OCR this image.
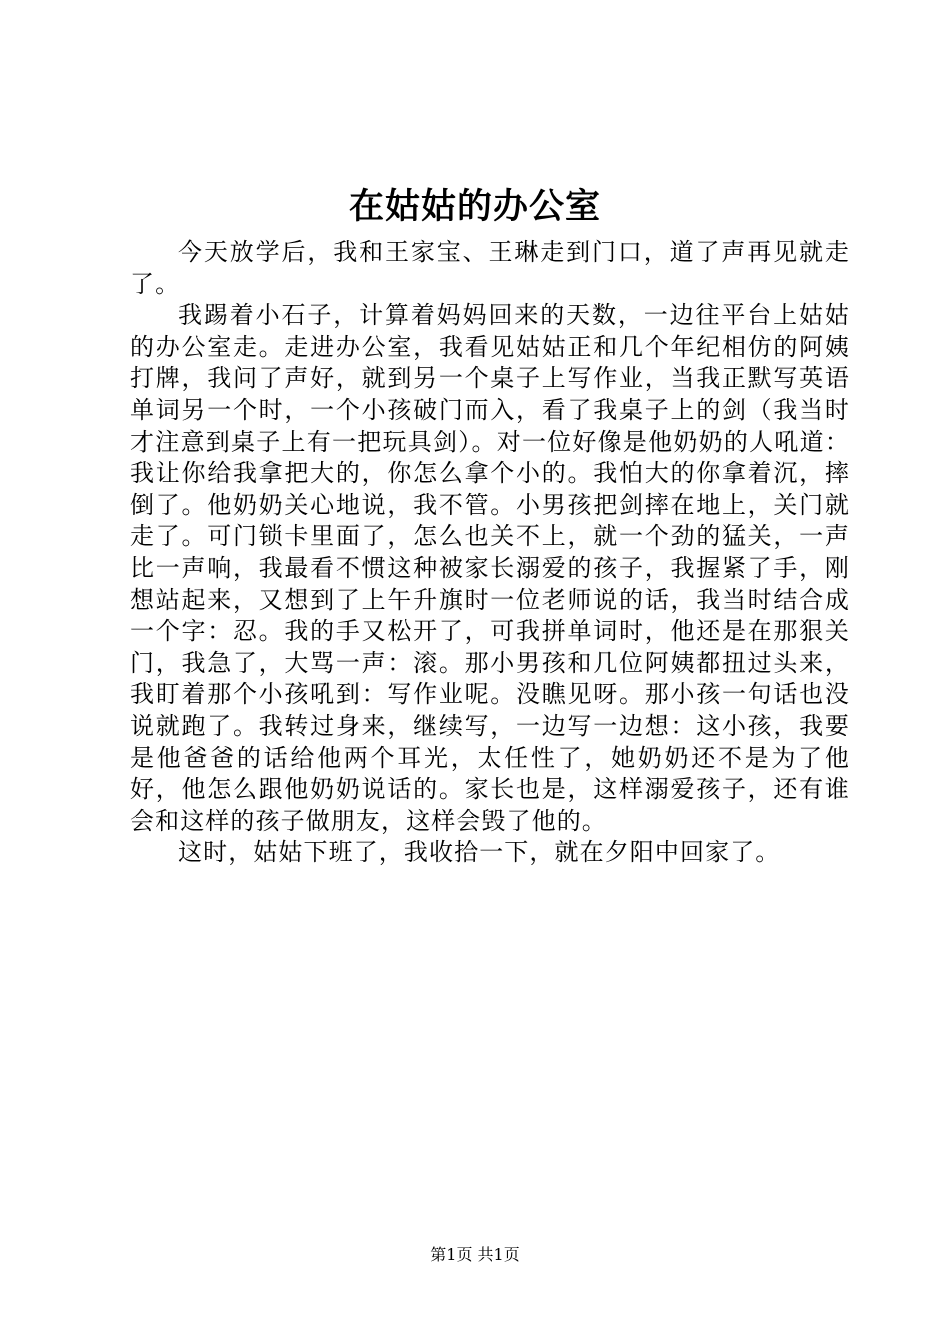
在姑姑的办公室

今天放学后，我和王家宝、王琳走到门口，道了声再见就走了。

我踢着小石子，计算着妈妈回来的天数，一边往平台上姑姑的办公室走。走进办公室，我看见姑姑正和几个年纪相仿的阿姨打牌，我问了声好，就到另一个桌子上写作业，当我正默写英语单词另一个时，一个小孩破门而入，看了我桌子上的剑（我当时才注意到桌子上有一把玩具剑）。对一位好像是他奶奶的人吼道：我让你给我拿把大的，你怎么拿个小的。我怕大的你拿着沉，摔倒了。他奶奶关心地说，我不管。小男孩把剑摔在地上，关门就走了。可门锁卡里面了，怎么也关不上，就一个劲的猛关，一声比一声响，我最看不惯这种被家长溺爱的孩子，我握紧了手，刚想站起来，又想到了上午升旗时一位老师说的话，我当时结合成一个字：忍。我的手又松开了，可我拼单词时，他还是在那狠关门，我急了，大骂一声：滚。那小男孩和几位阿姨都扭过头来，我盯着那个小孩吼到：写作业呢。没瞧见呀。那小孩一句话也没说就跑了。我转过身来，继续写，一边写一边想：这小孩，我要是他爸爸的话给他两个耳光，太任性了，她奶奶还不是为了他好，他怎么跟他奶奶说话的。家长也是，这样溺爱孩子，还有谁会和这样的孩子做朋友，这样会毁了他的。

这时，姑姑下班了，我收拾一下，就在夕阳中回家了。

第1页 共1页
